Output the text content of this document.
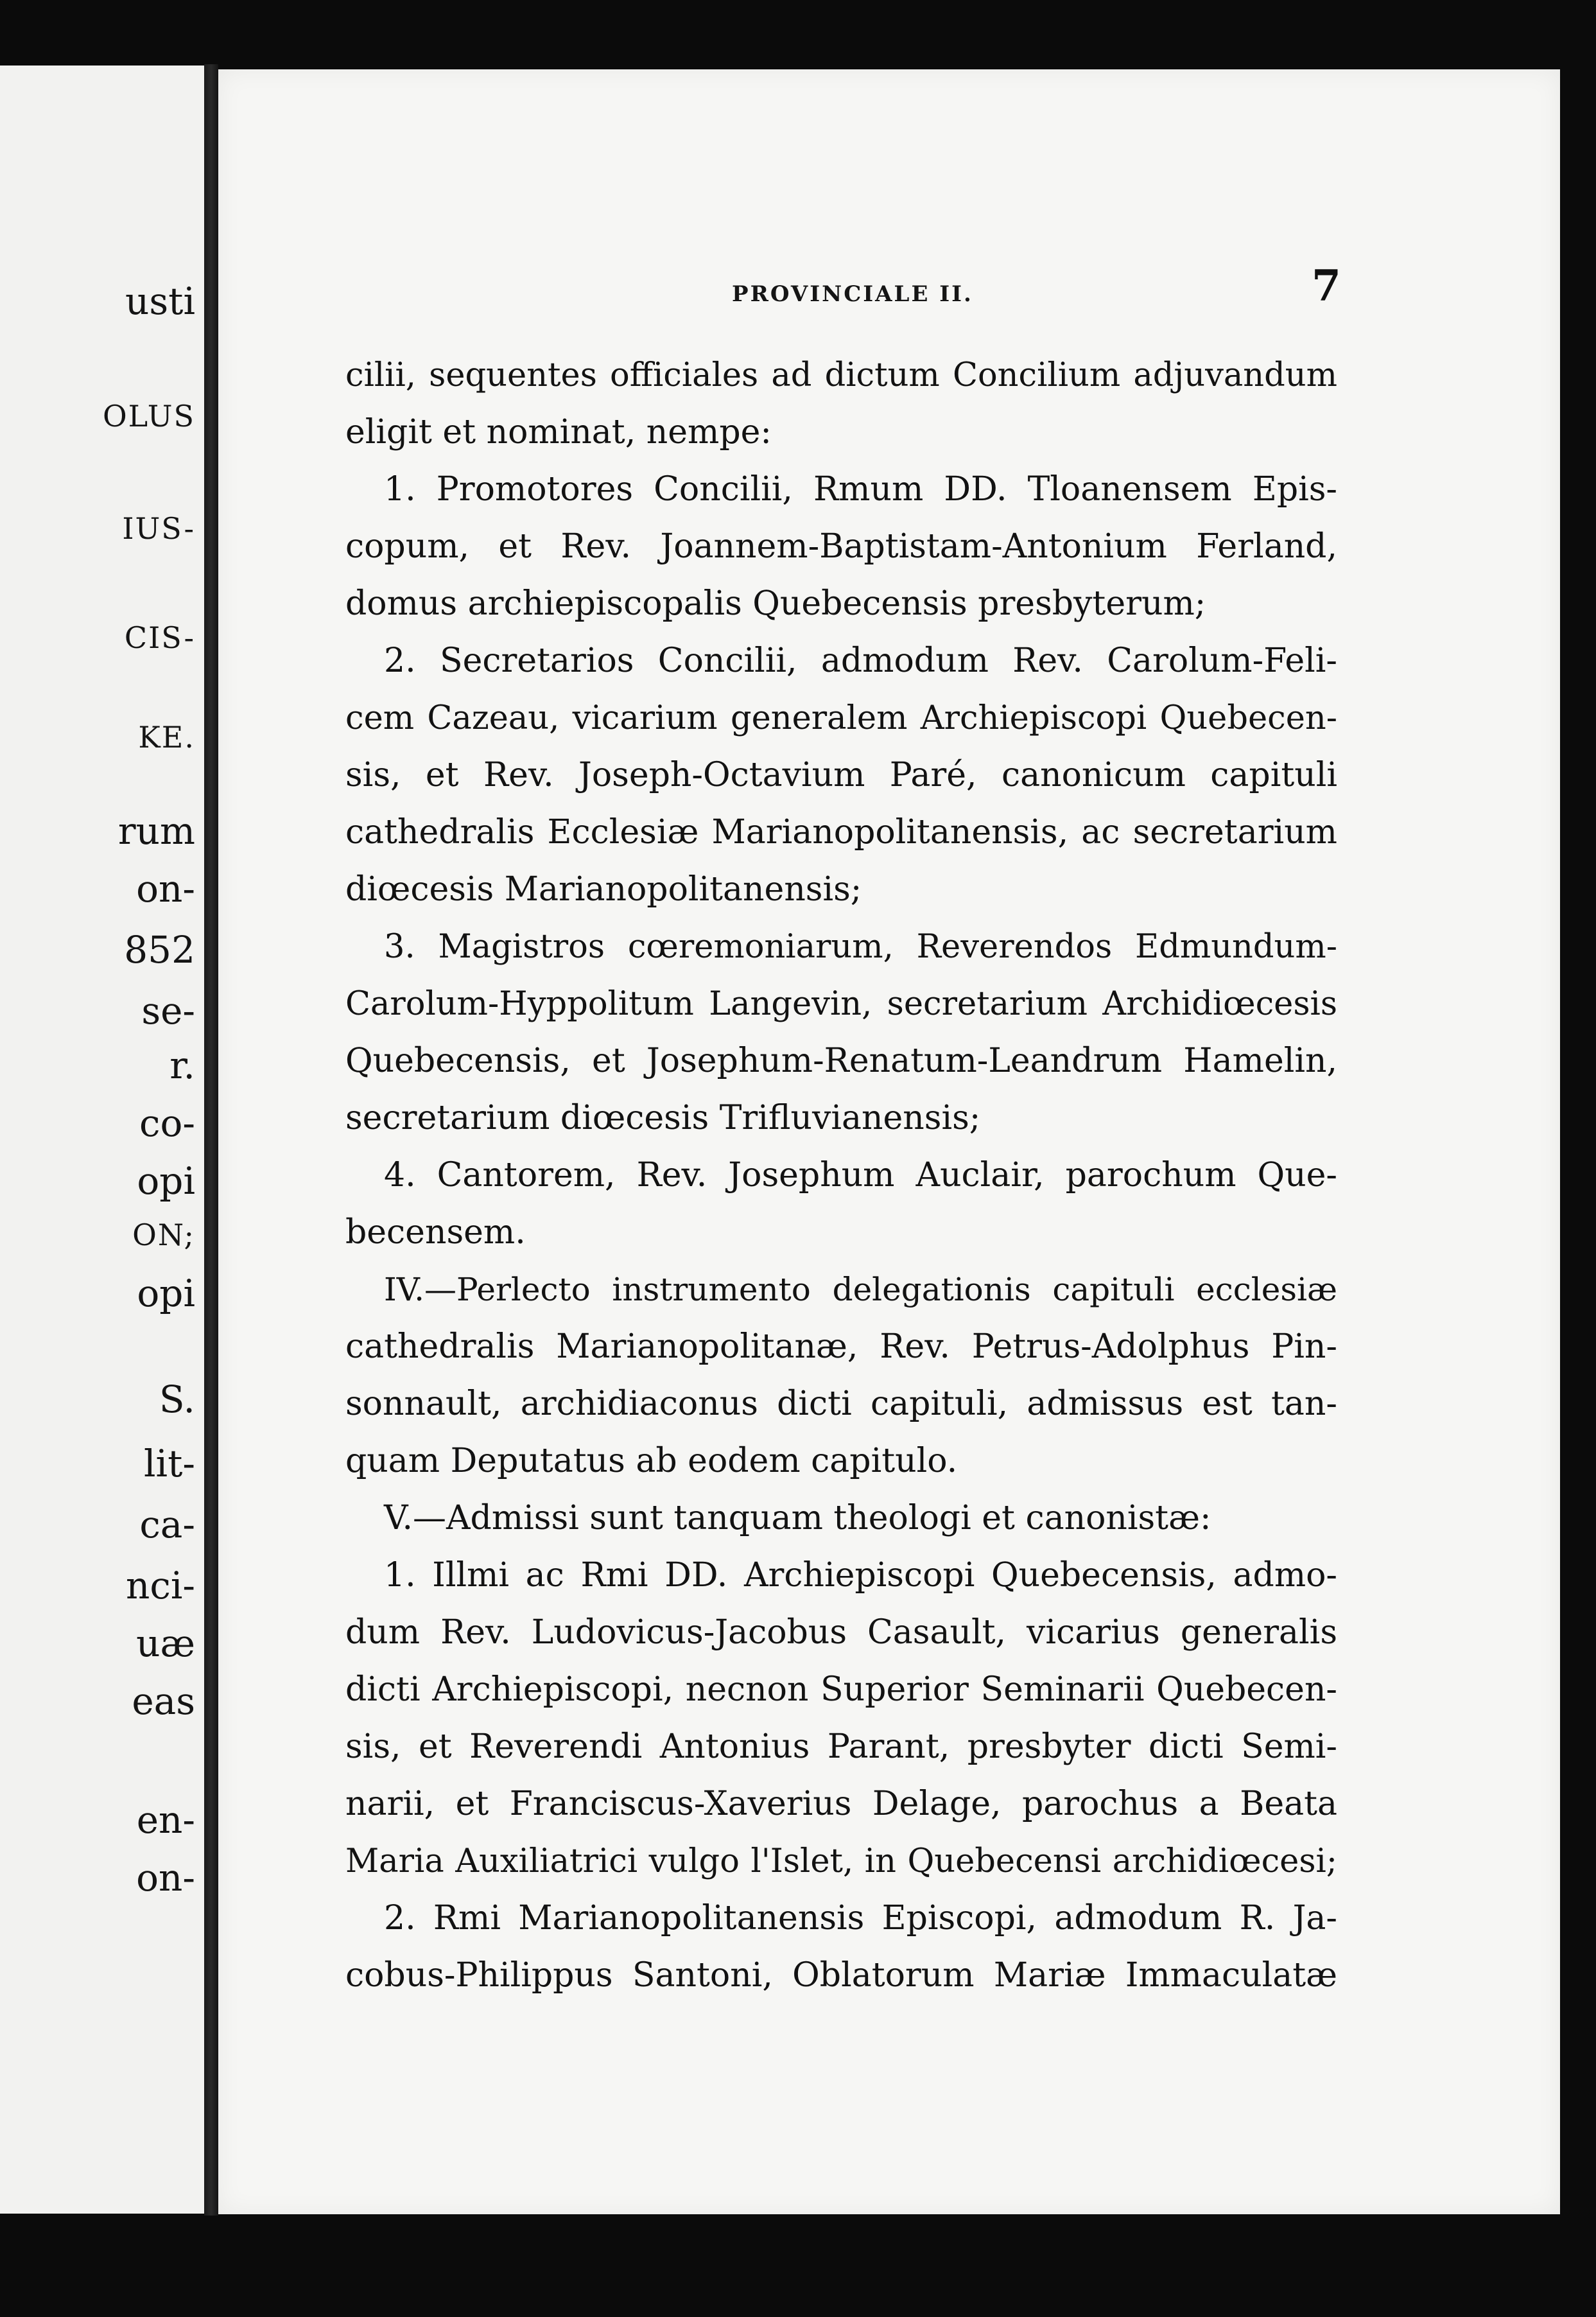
usti
OLUS
IUS-
CIS-
KE.
rum
on-
852
se-
r.
co-
opi
ON;
opi
S.
lit-
ca-
nci-
uæ
eas
en-
on-
PROVINCIALE II.	7
cilii, sequentes officiales ad dictum Concilium adjuvandum
eligit et nominat, nempe:
1. Promotores Concilii, Rmum DD. Tloanensem Epis-
copum, et Rev. Joannem-Baptistam-Antonium Ferland,
domus archiepiscopalis Quebecensis presbyterum;
2. Secretarios Concilii, admodum Rev. Carolum-Feli-
cem Cazeau, vicarium generalem Archiepiscopi Quebecen-
sis, et Rev. Joseph-Octavium Paré, canonicum capituli
cathedralis Ecclesiæ Marianopolitanensis, ac secretarium
diœcesis Marianopolitanensis;
3. Magistros cœremoniarum, Reverendos Edmundum-
Carolum-Hyppolitum Langevin, secretarium Archidiœcesis
Quebecensis, et Josephum-Renatum-Leandrum Hamelin,
secretarium diœcesis Trifluvianensis;
4. Cantorem, Rev. Josephum Auclair, parochum Que-
becensem.
IV.—Perlecto instrumento delegationis capituli ecclesiæ
cathedralis Marianopolitanæ, Rev. Petrus-Adolphus Pin-
sonnault, archidiaconus dicti capituli, admissus est tan-
quam Deputatus ab eodem capitulo.
V.—Admissi sunt tanquam theologi et canonistæ:
1. Illmi ac Rmi DD. Archiepiscopi Quebecensis, admo-
dum Rev. Ludovicus-Jacobus Casault, vicarius generalis
dicti Archiepiscopi, necnon Superior Seminarii Quebecen-
sis, et Reverendi Antonius Parant, presbyter dicti Semi-
narii, et Franciscus-Xaverius Delage, parochus a Beata
Maria Auxiliatrici vulgo l'Islet, in Quebecensi archidiœcesi;
2. Rmi Marianopolitanensis Episcopi, admodum R. Ja-
cobus-Philippus Santoni, Oblatorum Mariæ Immaculatæ
